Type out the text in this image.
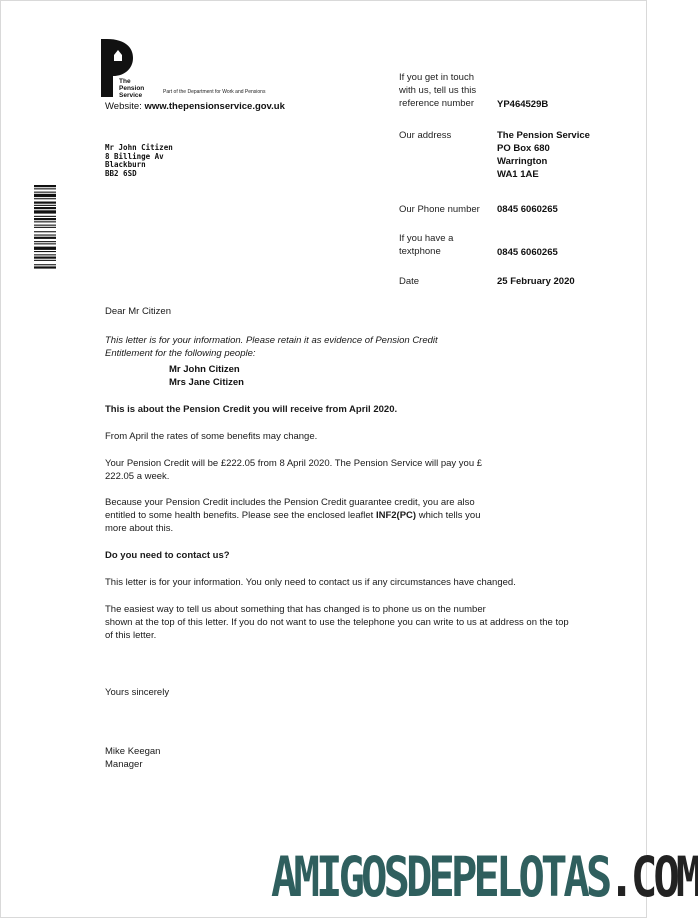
The
Pension
Service	Part of the Department for Work and Pensions
Website: www.thepensionservice.gov.uk
If you get in touch
with us, tell us this
reference number YP464529B
Our address	The Pension Service
PO Box 680
Warrington
WA1 1AE
Our Phone number 0845 6060265
If you have a
textphone	0845 6060265
Date	25 February 2020
Mr John Citizen
8 Billinge Av
Blackburn
BB2 6SD
Dear Mr Citizen
This letter is for your information. Please retain it as evidence of Pension Credit
Entitlement for the following people:
Mr John Citizen
Mrs Jane Citizen
This is about the Pension Credit you will receive from April 2020.
From April the rates of some benefits may change.
Your Pension Credit will be £222.05 from 8 April 2020. The Pension Service will pay you £
222.05 a week.
Because your Pension Credit includes the Pension Credit guarantee credit, you are also
entitled to some health benefits. Please see the enclosed leaflet INF2(PC) which tells you
more about this.
Do you need to contact us?
This letter is for your information. You only need to contact us if any circumstances have changed.
The easiest way to tell us about something that has changed is to phone us on the number
shown at the top of this letter. If you do not want to use the telephone you can write to us at address on the top
of this letter.
Yours sincerely
Mike Keegan
Manager
AMIGOSDEPELOTAS.COM
